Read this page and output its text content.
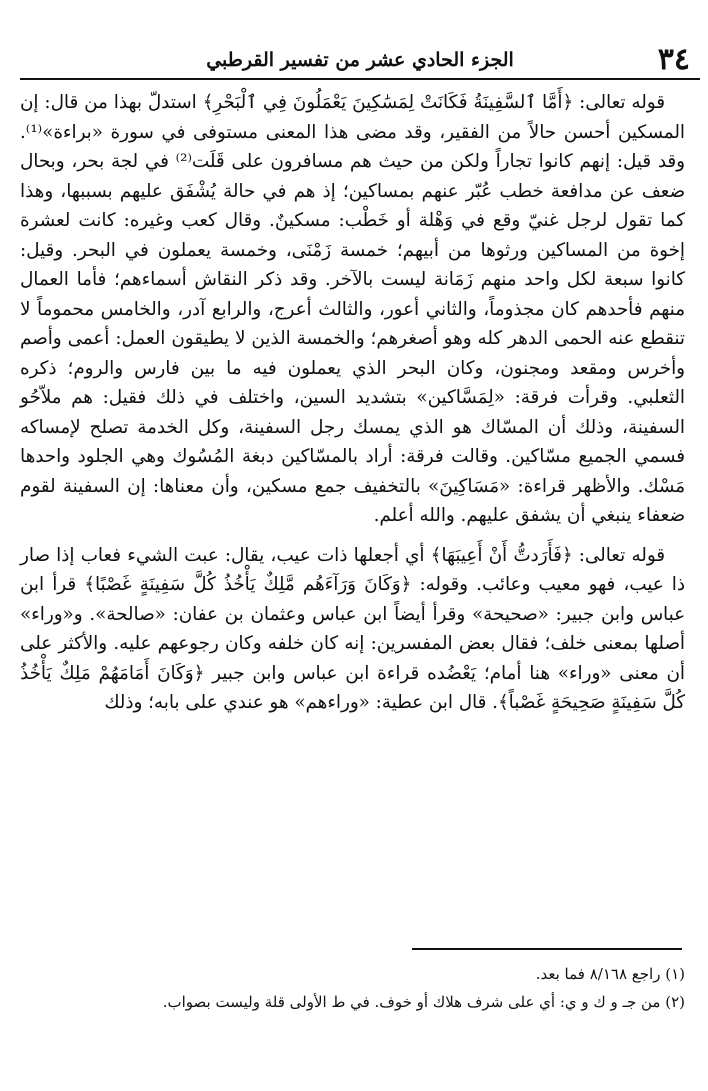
٣٤
الجزء الحادي عشر من تفسير القرطبي

قوله تعالى: ﴿أَمَّا ٱلسَّفِينَةُ فَكَانَتْ لِمَسَٰكِينَ يَعْمَلُونَ فِي ٱلْبَحْرِ﴾ استدلّ بهذا من قال: إن المسكين أحسن حالاً من الفقير، وقد مضى هذا المعنى مستوفى في سورة «براءة»⁽¹⁾. وقد قيل: إنهم كانوا تجاراً ولكن من حيث هم مسافرون على قَلَت⁽²⁾ في لجة بحر، وبحال ضعف عن مدافعة خطب عُبّر عنهم بمساكين؛ إذ هم في حالة يُشْفَق عليهم بسببها، وهذا كما تقول لرجل غنيّ وقع في وَهْلة أو خَطْب: مسكينٌ. وقال كعب وغيره: كانت لعشرة إخوة من المساكين ورثوها من أبيهم؛ خمسة زَمْنَى، وخمسة يعملون في البحر. وقيل: كانوا سبعة لكل واحد منهم زَمَانة ليست بالآخر. وقد ذكر النقاش أسماءهم؛ فأما العمال منهم فأحدهم كان مجذوماً، والثاني أعور، والثالث أعرج، والرابع آدر، والخامس محموماً لا تنقطع عنه الحمى الدهر كله وهو أصغرهم؛ والخمسة الذين لا يطيقون العمل: أعمى وأصم وأخرس ومقعد ومجنون، وكان البحر الذي يعملون فيه ما بين فارس والروم؛ ذكره الثعلبي. وقرأت فرقة: «لِمَسَّاكين» بتشديد السين، واختلف في ذلك فقيل: هم ملاّحُو السفينة، وذلك أن المسّاك هو الذي يمسك رجل السفينة، وكل الخدمة تصلح لإمساكه فسمي الجميع مسّاكين. وقالت فرقة: أراد بالمسّاكين دبغة المُسُوك وهي الجلود واحدها مَسْك. والأظهر قراءة: «مَسَاكِينَ» بالتخفيف جمع مسكين، وأن معناها: إن السفينة لقوم ضعفاء ينبغي أن يشفق عليهم. والله أعلم.

قوله تعالى: ﴿فَأَرَدتُّ أَنْ أَعِيبَهَا﴾ أي أجعلها ذات عيب، يقال: عبت الشيء فعاب إذا صار ذا عيب، فهو معيب وعائب. وقوله: ﴿وَكَانَ وَرَآءَهُم مَّلِكٌ يَأْخُذُ كُلَّ سَفِينَةٍ غَصْبًا﴾ قرأ ابن عباس وابن جبير: «صحيحة» وقرأ أيضاً ابن عباس وعثمان بن عفان: «صالحة». و«وراء» أصلها بمعنى خلف؛ فقال بعض المفسرين: إنه كان خلفه وكان رجوعهم عليه. والأكثر على أن معنى «وراء» هنا أمام؛ يَعْضُده قراءة ابن عباس وابن جبير ﴿وَكَانَ أَمَامَهُمْ مَلِكٌ يَأْخُذُ كُلَّ سَفِينَةٍ صَحِيحَةٍ غَصْباً﴾. قال ابن عطية: «وراءهم» هو عندي على بابه؛ وذلك

(١) راجع ٨/١٦٨ فما بعد.

(٢) من جـ و ك و ي: أي على شرف هلاك أو خوف. في ط الأولى قلة وليست بصواب.
